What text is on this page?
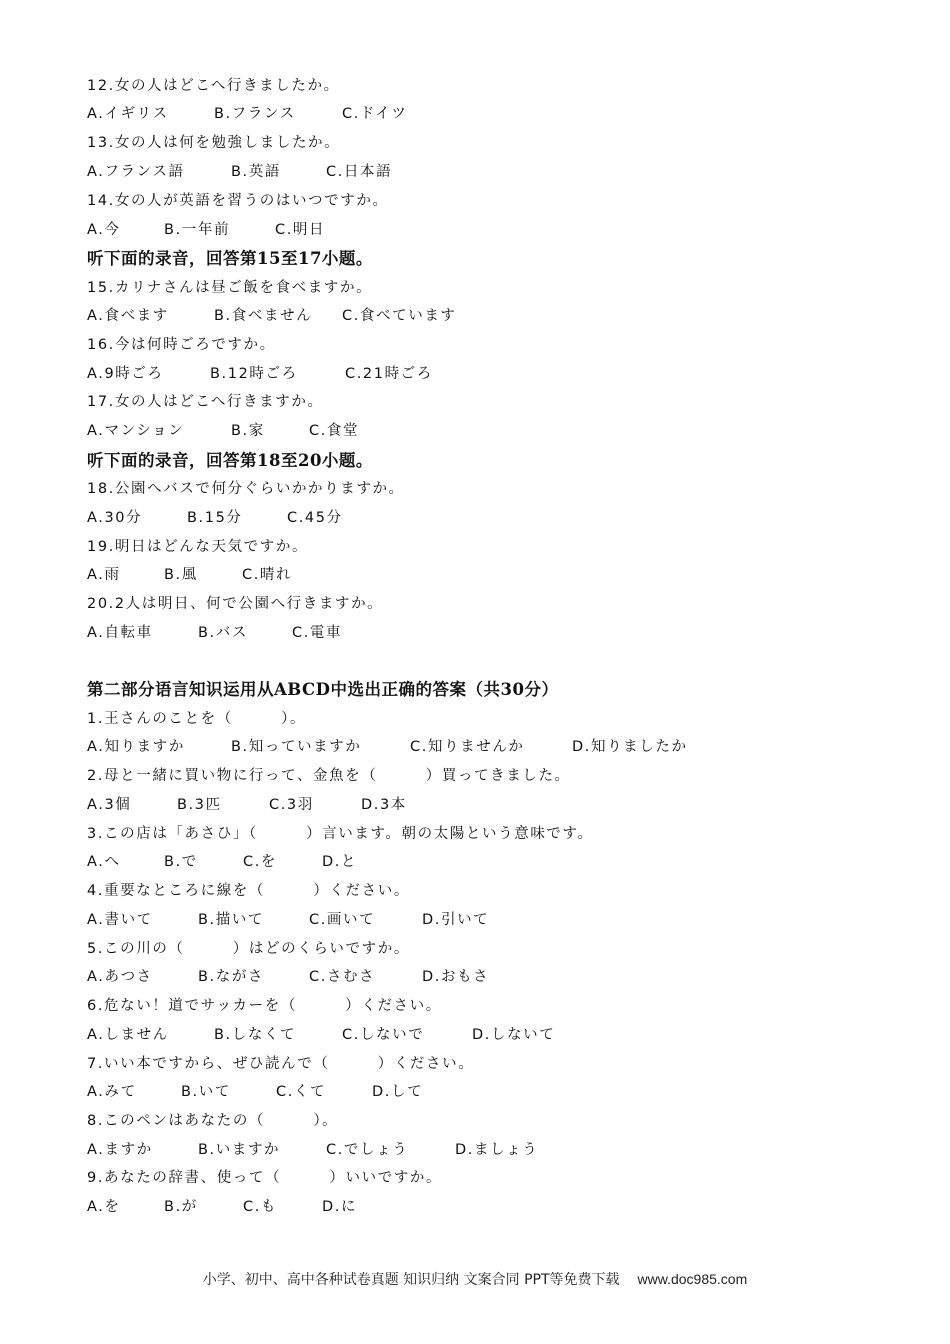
12.女の人はどこへ行きましたか。
A.イギリス	B.フランス	C.ドイツ
13.女の人は何を勉強しましたか。
A.フランス語	B.英語	C.日本語
14.女の人が英語を習うのはいつですか。
A.今	B.一年前	C.明日
听下面的录音，回答第15至17小题。
15.カリナさんは昼ご飯を食べますか。
A.食べます	B.食べません C.食べています
16.今は何時ごろですか。
A.9時ごろ	B.12時ごろ	C.21時ごろ
17.女の人はどこへ行きますか。
A.マンション	B.家	C.食堂
听下面的录音，回答第18至20小题。
18.公園へバスで何分ぐらいかかりますか。
A.30分	B.15分	C.45分
19.明日はどんな天気ですか。
A.雨	B.風	C.晴れ
20.2人は明日、何で公園へ行きますか。
A.自転車	B.バス	C.電車
第二部分语言知识运用从ABCD中选出正确的答案（共30分）
1.王さんのことを（　　　）。
A.知りますか	B.知っていますか	C.知りませんか	D.知りましたか
2.母と一緒に買い物に行って、金魚を（　　　）買ってきました。
A.3個	B.3匹	C.3羽	D.3本
3.この店は「あさひ」（　　　）言います。朝の太陽という意味です。
A.へ	B.で	C.を	D.と
4.重要なところに線を（　　　）ください。
A.書いて	B.描いて	C.画いて	D.引いて
5.この川の（　　　）はどのくらいですか。
A.あつさ	B.ながさ	C.さむさ	D.おもさ
6.危ない！道でサッカーを（　　　）ください。
A.しません	B.しなくて	C.しないで	D.しないて
7.いい本ですから、ぜひ読んで（　　　）ください。
A.みて	B.いて	C.くて	D.して
8.このペンはあなたの（　　　）。
A.ますか	B.いますか	C.でしょう	D.ましょう
9.あなたの辞書、使って（　　　）いいですか。
A.を	B.が	C.も	D.に
小学、初中、高中各种试卷真题 知识归纳 文案合同 PPT等免费下载 www.doc985.com
